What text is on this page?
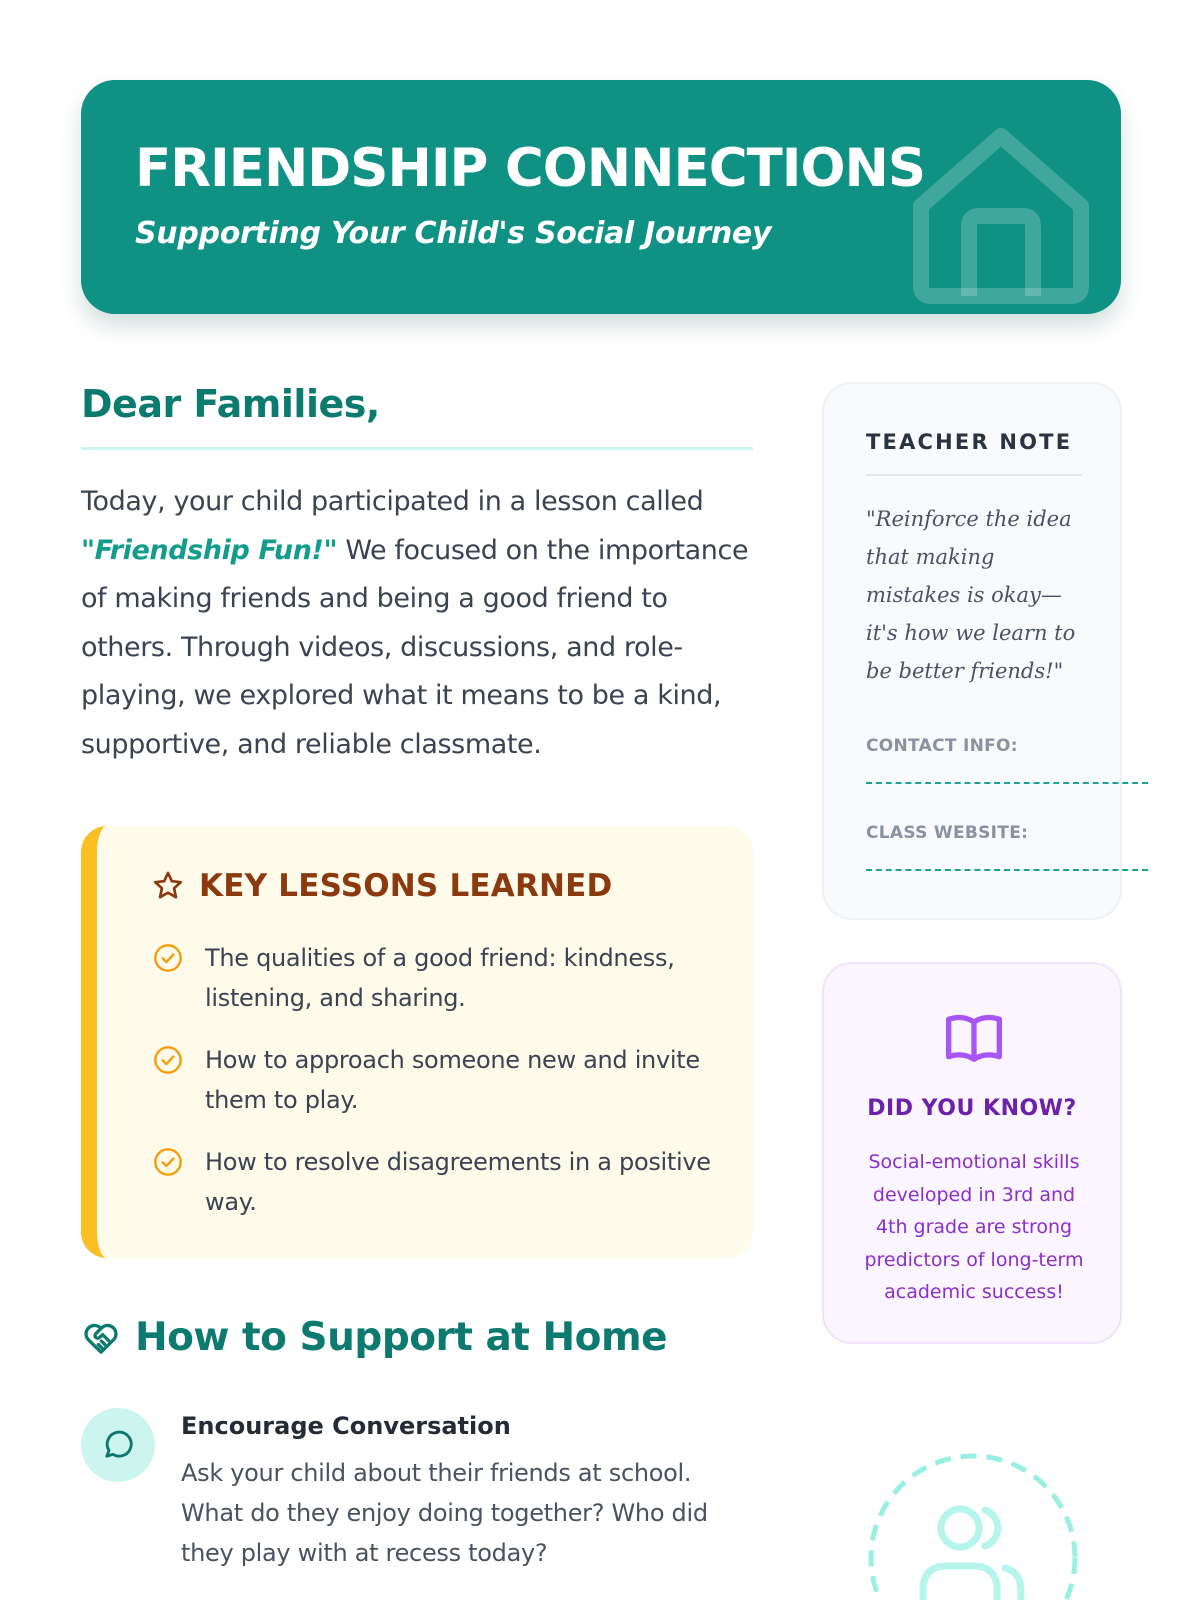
FRIENDSHIP CONNECTIONS
Supporting Your Child's Social Journey
Dear Families,

Today, your child participated in a lesson called "Friendship Fun!" We focused on the importance of making friends and being a good friend to others. Through videos, discussions, and role-playing, we explored what it means to be a kind, supportive, and reliable classmate.

KEY LESSONS LEARNED
The qualities of a good friend: kindness, listening, and sharing.
How to approach someone new and invite them to play.
How to resolve disagreements in a positive way.
How to Support at Home
Encourage Conversation
Ask your child about their friends at school. What do they enjoy doing together? Who did they play with at recess today?
TEACHER NOTE
"Reinforce the idea that making mistakes is okay—it's how we learn to be better friends!"
CONTACT INFO:
CLASS WEBSITE:
DID YOU KNOW?
Social-emotional skills developed in 3rd and 4th grade are strong predictors of long-term academic success!
